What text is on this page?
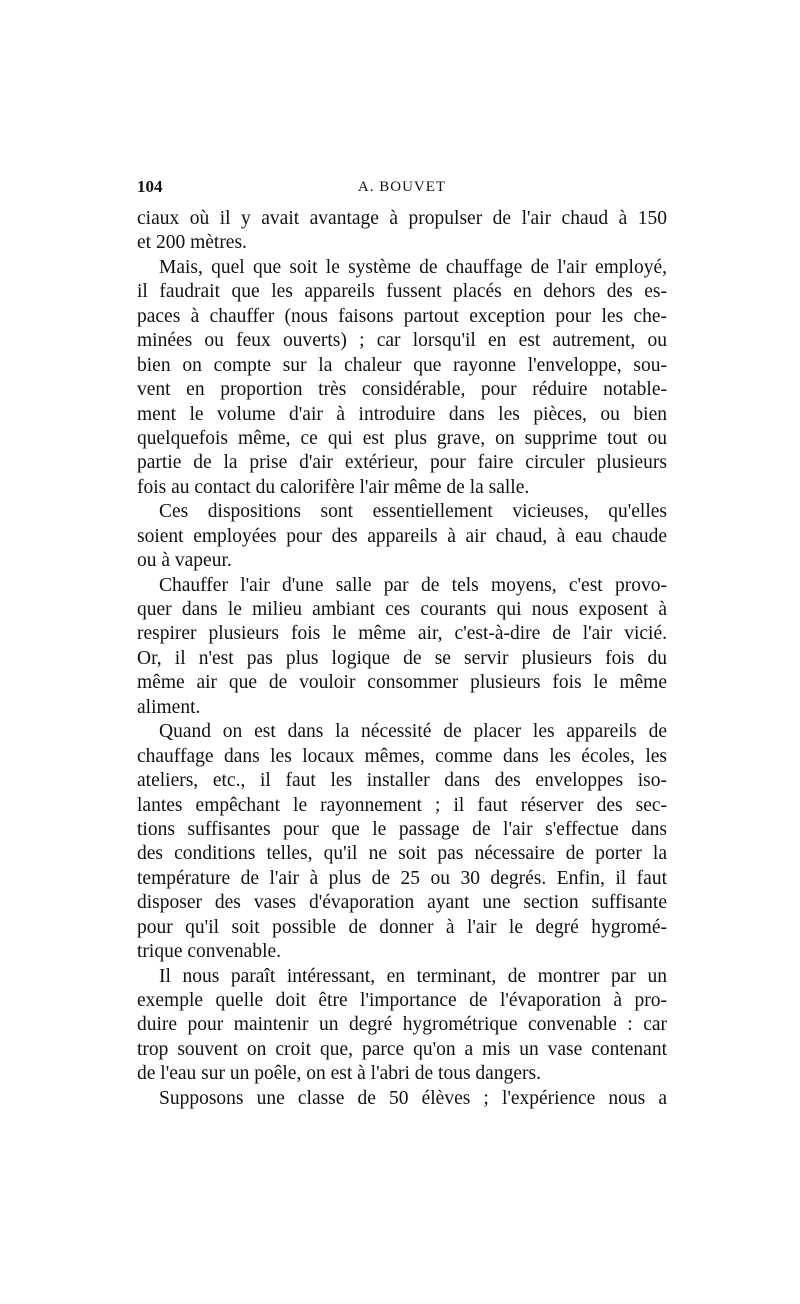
104	A. BOUVET
ciaux où il y avait avantage à propulser de l'air chaud à 150
et 200 mètres.
Mais, quel que soit le système de chauffage de l'air employé,
il faudrait que les appareils fussent placés en dehors des es-
paces à chauffer (nous faisons partout exception pour les che-
minées ou feux ouverts) ; car lorsqu'il en est autrement, ou
bien on compte sur la chaleur que rayonne l'enveloppe, sou-
vent en proportion très considérable, pour réduire notable-
ment le volume d'air à introduire dans les pièces, ou bien
quelquefois même, ce qui est plus grave, on supprime tout ou
partie de la prise d'air extérieur, pour faire circuler plusieurs
fois au contact du calorifère l'air même de la salle.
Ces dispositions sont essentiellement vicieuses, qu'elles
soient employées pour des appareils à air chaud, à eau chaude
ou à vapeur.
Chauffer l'air d'une salle par de tels moyens, c'est provo-
quer dans le milieu ambiant ces courants qui nous exposent à
respirer plusieurs fois le même air, c'est-à-dire de l'air vicié.
Or, il n'est pas plus logique de se servir plusieurs fois du
même air que de vouloir consommer plusieurs fois le même
aliment.
Quand on est dans la nécessité de placer les appareils de
chauffage dans les locaux mêmes, comme dans les écoles, les
ateliers, etc., il faut les installer dans des enveloppes iso-
lantes empêchant le rayonnement ; il faut réserver des sec-
tions suffisantes pour que le passage de l'air s'effectue dans
des conditions telles, qu'il ne soit pas nécessaire de porter la
température de l'air à plus de 25 ou 30 degrés. Enfin, il faut
disposer des vases d'évaporation ayant une section suffisante
pour qu'il soit possible de donner à l'air le degré hygromé-
trique convenable.
Il nous paraît intéressant, en terminant, de montrer par un
exemple quelle doit être l'importance de l'évaporation à pro-
duire pour maintenir un degré hygrométrique convenable : car
trop souvent on croit que, parce qu'on a mis un vase contenant
de l'eau sur un poêle, on est à l'abri de tous dangers.
Supposons une classe de 50 élèves ; l'expérience nous a
